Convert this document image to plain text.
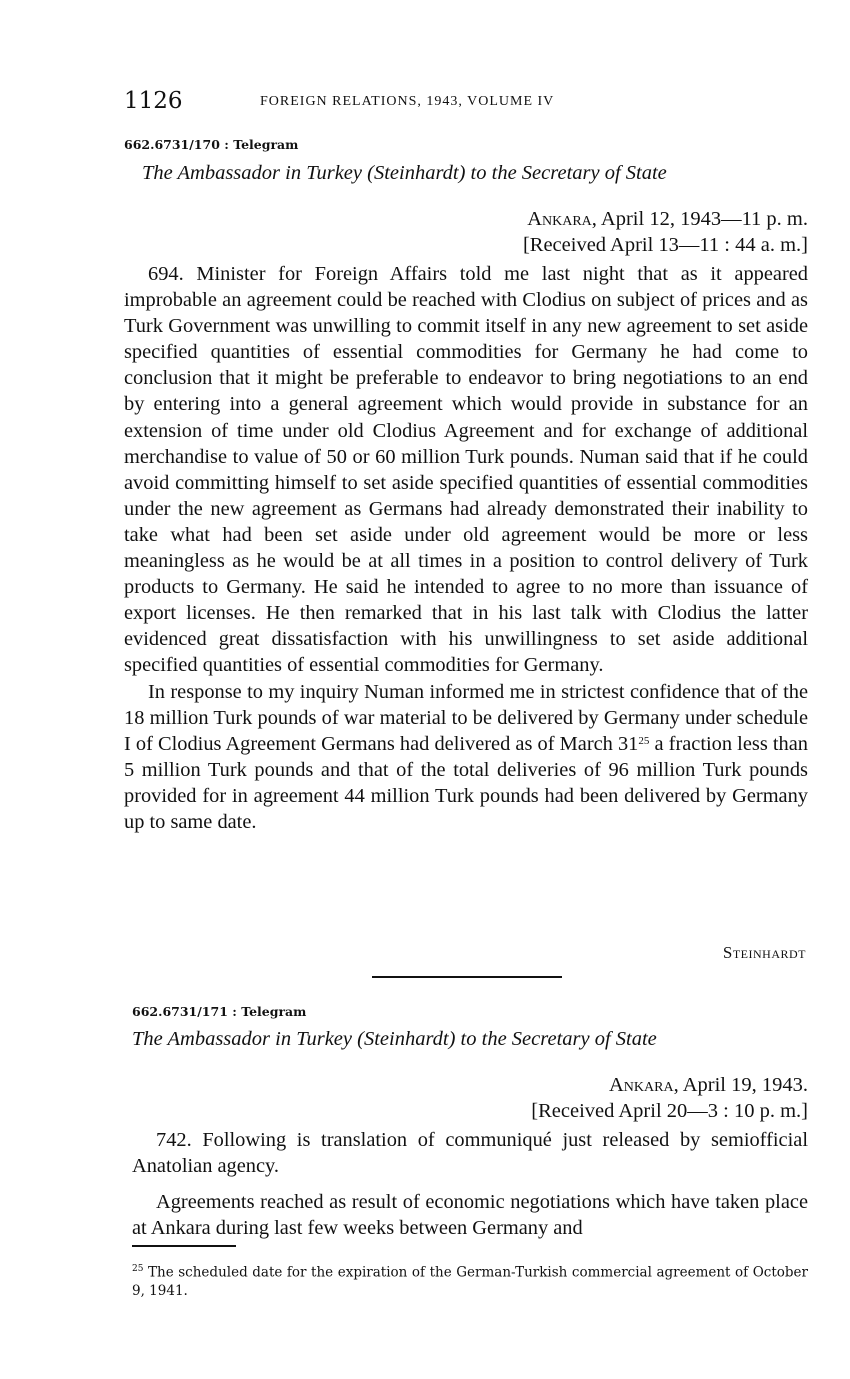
1126	FOREIGN RELATIONS, 1943, VOLUME IV
662.6731/170 : Telegram
The Ambassador in Turkey (Steinhardt) to the Secretary of State
Ankara, April 12, 1943—11 p. m.
[Received April 13—11 : 44 a. m.]

694. Minister for Foreign Affairs told me last night that as it appeared improbable an agreement could be reached with Clodius on subject of prices and as Turk Government was unwilling to commit itself in any new agreement to set aside specified quantities of essential commodities for Germany he had come to conclusion that it might be preferable to endeavor to bring negotiations to an end by entering into a general agreement which would provide in substance for an extension of time under old Clodius Agreement and for exchange of additional merchandise to value of 50 or 60 million Turk pounds. Numan said that if he could avoid committing himself to set aside specified quantities of essential commodities under the new agreement as Germans had already demonstrated their inability to take what had been set aside under old agreement would be more or less meaningless as he would be at all times in a position to control delivery of Turk products to Germany. He said he intended to agree to no more than issuance of export licenses. He then remarked that in his last talk with Clodius the latter evidenced great dissatisfaction with his unwillingness to set aside additional specified quantities of essential commodities for Germany.

In response to my inquiry Numan informed me in strictest confidence that of the 18 million Turk pounds of war material to be delivered by Germany under schedule I of Clodius Agreement Germans had delivered as of March 31$^{25}$ a fraction less than 5 million Turk pounds and that of the total deliveries of 96 million Turk pounds provided for in agreement 44 million Turk pounds had been delivered by Germany up to same date.

Steinhardt
662.6731/171 : Telegram
The Ambassador in Turkey (Steinhardt) to the Secretary of State
Ankara, April 19, 1943.
[Received April 20—3 : 10 p. m.]

742. Following is translation of communiqué just released by semiofficial Anatolian agency.

Agreements reached as result of economic negotiations which have taken place at Ankara during last few weeks between Germany and

$^{25}$ The scheduled date for the expiration of the German-Turkish commercial agreement of October 9, 1941.
